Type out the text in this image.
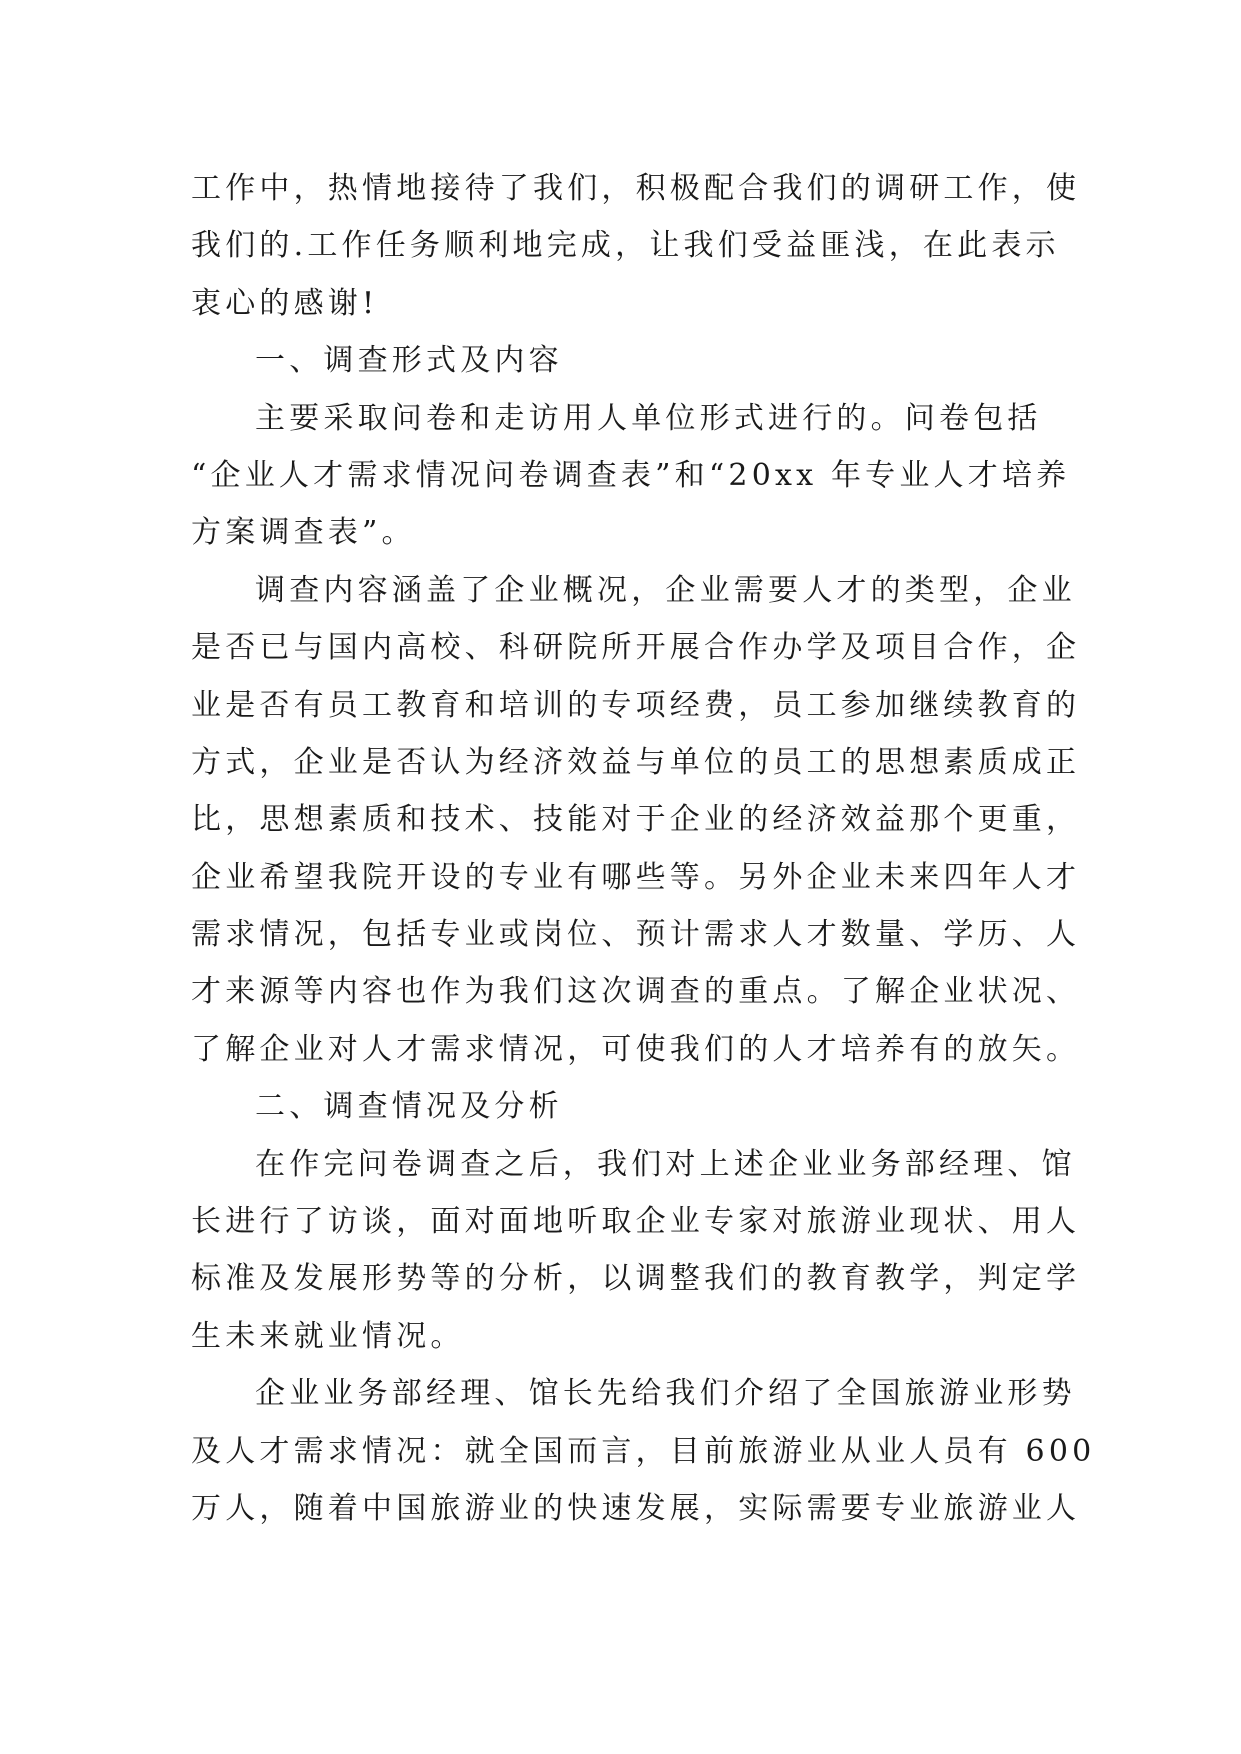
工作中，热情地接待了我们，积极配合我们的调研工作，使
我们的.工作任务顺利地完成，让我们受益匪浅，在此表示
衷心的感谢!

一、调查形式及内容

主要采取问卷和走访用人单位形式进行的。问卷包括
“企业人才需求情况问卷调查表”和“20xx 年专业人才培养
方案调查表”。

调查内容涵盖了企业概况，企业需要人才的类型，企业
是否已与国内高校、科研院所开展合作办学及项目合作，企
业是否有员工教育和培训的专项经费，员工参加继续教育的
方式，企业是否认为经济效益与单位的员工的思想素质成正
比，思想素质和技术、技能对于企业的经济效益那个更重，
企业希望我院开设的专业有哪些等。另外企业未来四年人才
需求情况，包括专业或岗位、预计需求人才数量、学历、人
才来源等内容也作为我们这次调查的重点。了解企业状况、
了解企业对人才需求情况，可使我们的人才培养有的放矢。

二、调查情况及分析

在作完问卷调查之后，我们对上述企业业务部经理、馆
长进行了访谈，面对面地听取企业专家对旅游业现状、用人
标准及发展形势等的分析，以调整我们的教育教学，判定学
生未来就业情况。

企业业务部经理、馆长先给我们介绍了全国旅游业形势
及人才需求情况：就全国而言，目前旅游业从业人员有 600
万人，随着中国旅游业的快速发展，实际需要专业旅游业人
